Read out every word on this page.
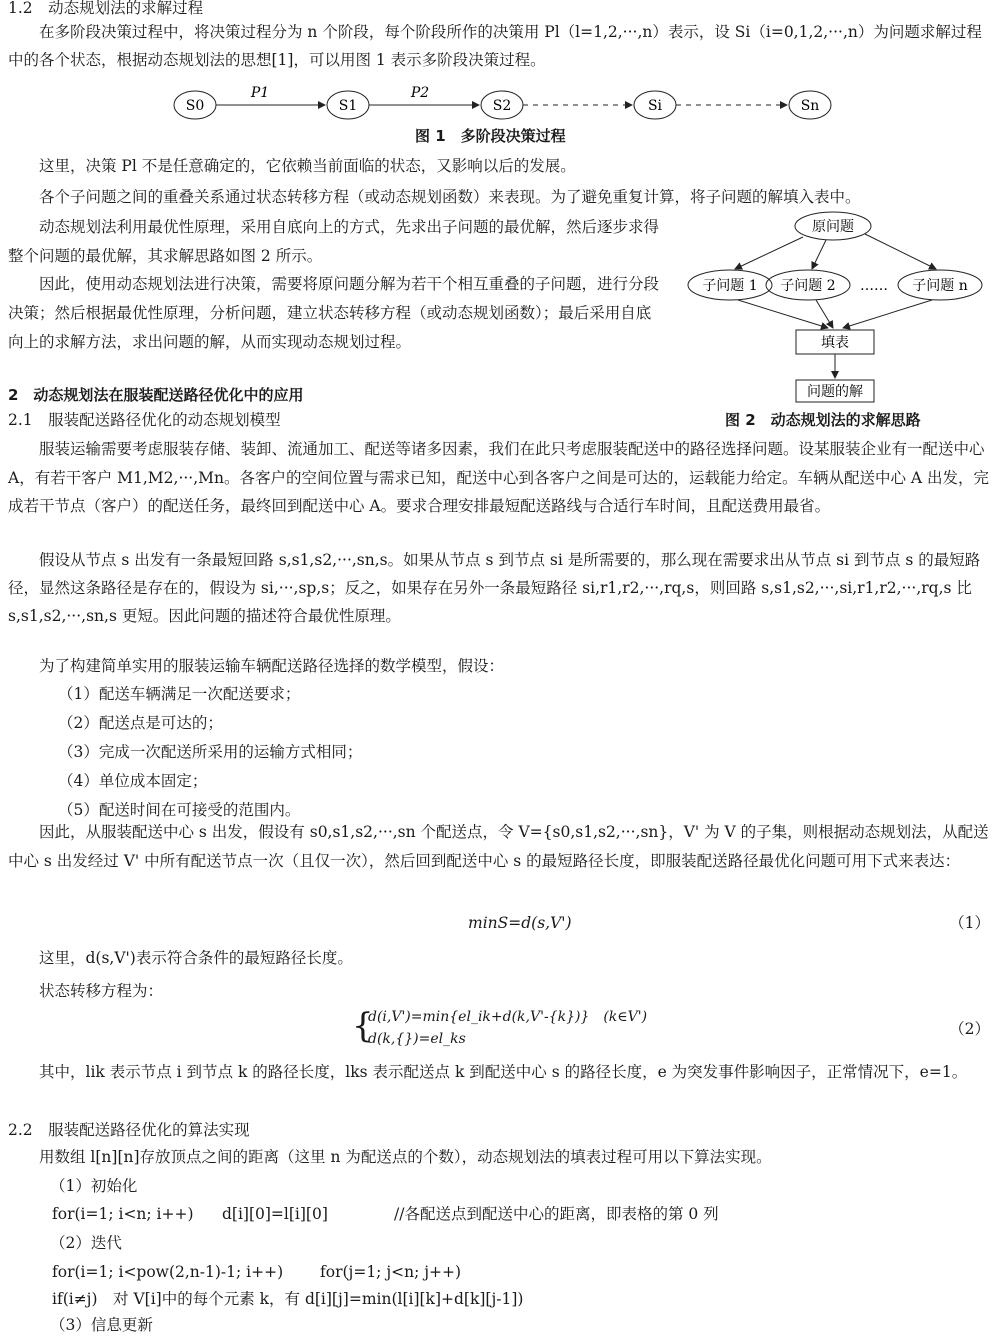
1.2　动态规划法的求解过程
在多阶段决策过程中，将决策过程分为 n 个阶段，每个阶段所作的决策用 Pl（l=1,2,···,n）表示，设 Si（i=0,1,2,···,n）为问题求解过程中的各个状态，根据动态规划法的思想[1]，可以用图 1 表示多阶段决策过程。
S0	S1	S2	Si	Sn
P1	P2
图 1　多阶段决策过程
这里，决策 Pl 不是任意确定的，它依赖当前面临的状态，又影响以后的发展。
各个子问题之间的重叠关系通过状态转移方程（或动态规划函数）来表现。为了避免重复计算，将子问题的解填入表中。
动态规划法利用最优性原理，采用自底向上的方式，先求出子问题的最优解，然后逐步求得整个问题的最优解，其求解思路如图 2 所示。
因此，使用动态规划法进行决策，需要将原问题分解为若干个相互重叠的子问题，进行分段决策；然后根据最优性原理，分析问题，建立状态转移方程（或动态规划函数）；最后采用自底向上的求解方法，求出问题的解，从而实现动态规划过程。
原问题
子问题 1 子问题 2 …… 子问题 n
填表
问题的解
图 2　动态规划法的求解思路
2　动态规划法在服装配送路径优化中的应用
2.1　服装配送路径优化的动态规划模型
服装运输需要考虑服装存储、装卸、流通加工、配送等诸多因素，我们在此只考虑服装配送中的路径选择问题。设某服装企业有一配送中心 A，有若干客户 M1,M2,···,Mn。各客户的空间位置与需求已知，配送中心到各客户之间是可达的，运载能力给定。车辆从配送中心 A 出发，完成若干节点（客户）的配送任务，最终回到配送中心 A。要求合理安排最短配送路线与合适行车时间，且配送费用最省。
假设从节点 s 出发有一条最短回路 s,s1,s2,···,sn,s。如果从节点 s 到节点 si 是所需要的，那么现在需要求出从节点 si 到节点 s 的最短路径，显然这条路径是存在的，假设为 si,···,sp,s；反之，如果存在另外一条最短路径 si,r1,r2,···,rq,s，则回路 s,s1,s2,···,si,r1,r2,···,rq,s 比 s,s1,s2,···,sn,s 更短。因此问题的描述符合最优性原理。
为了构建简单实用的服装运输车辆配送路径选择的数学模型，假设：
（1）配送车辆满足一次配送要求；
（2）配送点是可达的；
（3）完成一次配送所采用的运输方式相同；
（4）单位成本固定；
（5）配送时间在可接受的范围内。
因此，从服装配送中心 s 出发，假设有 s0,s1,s2,···,sn 个配送点，令 V={s0,s1,s2,···,sn}，V' 为 V 的子集，则根据动态规划法，从配送中心 s 出发经过 V' 中所有配送节点一次（且仅一次），然后回到配送中心 s 的最短路径长度，即服装配送路径最优化问题可用下式来表达：
minS=d(s,V')	（1）
这里，d(s,V')表示符合条件的最短路径长度。
状态转移方程为：
{
d(i,V')=min{el_ik+d(k,V'-{k})}　(k∈V')
d(k,{})=el_ks
（2）
其中，lik 表示节点 i 到节点 k 的路径长度，lks 表示配送点 k 到配送中心 s 的路径长度，e 为突发事件影响因子，正常情况下，e=1。
2.2　服装配送路径优化的算法实现
用数组 l[n][n]存放顶点之间的距离（这里 n 为配送点的个数），动态规划法的填表过程可用以下算法实现。
（1）初始化
for(i=1; i<n; i++) d[i][0]=l[i][0]	//各配送点到配送中心的距离，即表格的第 0 列
（2）迭代
for(i=1; i<pow(2,n-1)-1; i++) for(j=1; j<n; j++)
if(i≠j)　对 V[i]中的每个元素 k，有 d[i][j]=min(l[i][k]+d[k][j-1])
（3）信息更新
